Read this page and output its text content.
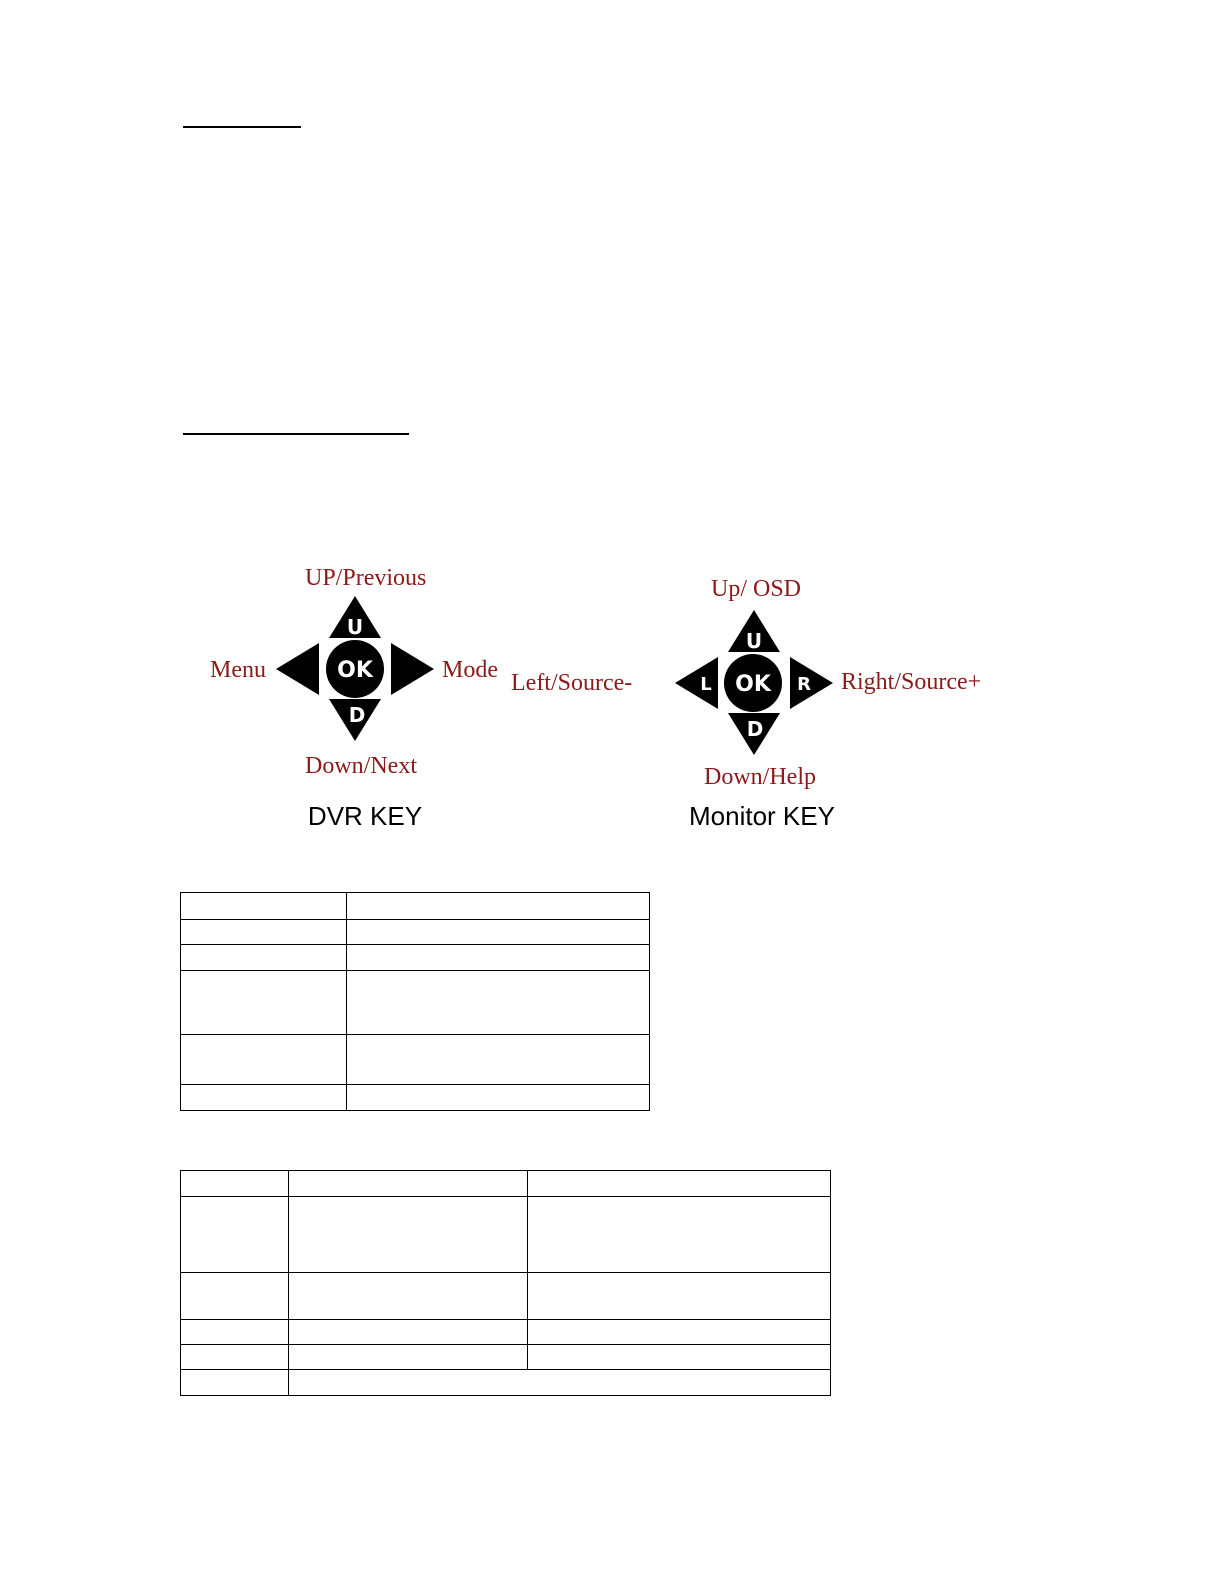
OK
U
D
UP/Previous
Menu	Mode
Down/Next
DVR KEY
OK
U
D
L	R
Up/ OSD
Left/Source-	Right/Source+
Down/Help
Monitor KEY
